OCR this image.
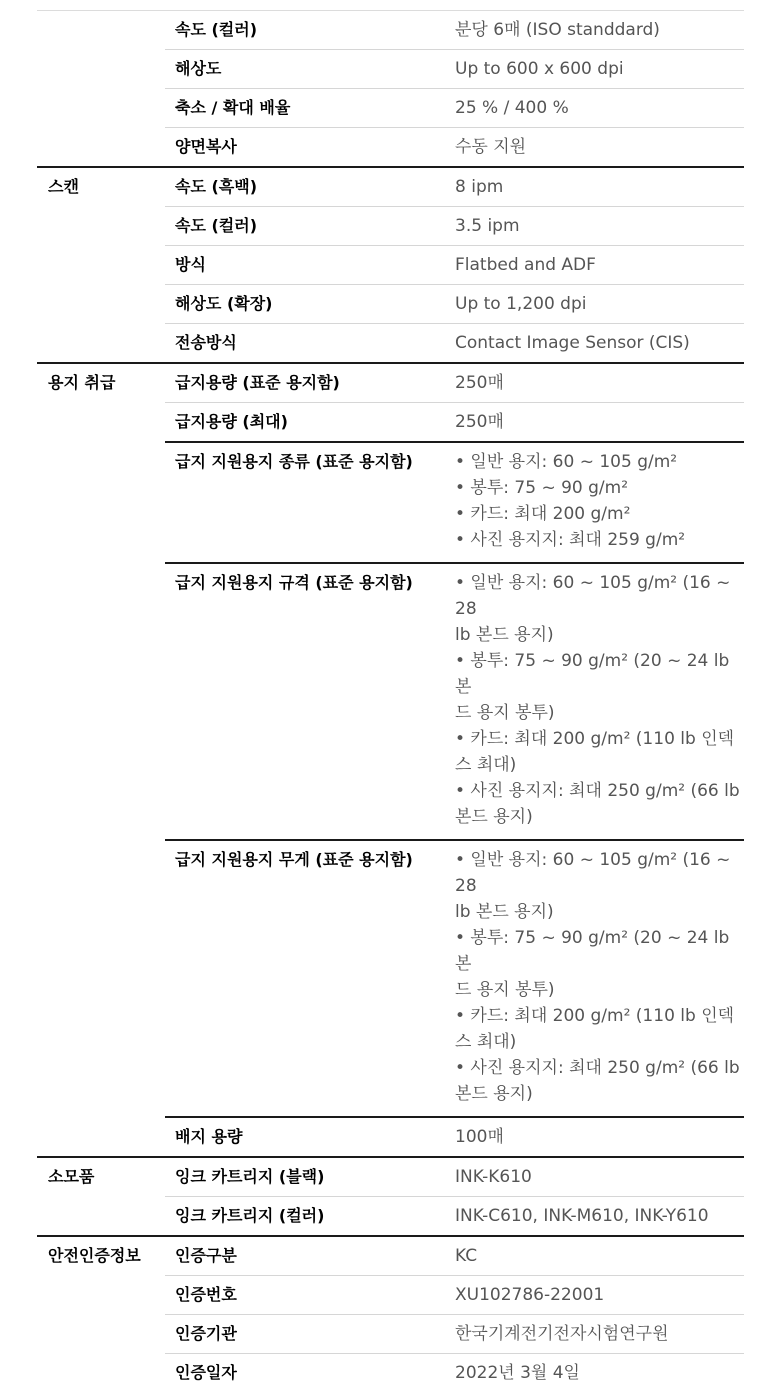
속도 (컬러)	분당 6매 (ISO standdard)
해상도	Up to 600 x 600 dpi
축소 / 확대 배율	25 % / 400 %
양면복사	수동 지원
스캔	속도 (흑백)	8 ipm
속도 (컬러)	3.5 ipm
방식	Flatbed and ADF
해상도 (확장)	Up to 1,200 dpi
전송방식	Contact Image Sensor (CIS)
용지 취급	급지용량 (표준 용지함)	250매
급지용량 (최대)	250매
급지 지원용지 종류 (표준 용지함)	• 일반 용지: 60 ~ 105 g/m²
• 봉투: 75 ~ 90 g/m²
• 카드: 최대 200 g/m²
• 사진 용지지: 최대 259 g/m²
급지 지원용지 규격 (표준 용지함)	• 일반 용지: 60 ~ 105 g/m² (16 ~ 28
lb 본드 용지)
• 봉투: 75 ~ 90 g/m² (20 ~ 24 lb 본
드 용지 봉투)
• 카드: 최대 200 g/m² (110 lb 인덱
스 최대)
• 사진 용지지: 최대 250 g/m² (66 lb
본드 용지)
급지 지원용지 무게 (표준 용지함)	• 일반 용지: 60 ~ 105 g/m² (16 ~ 28
lb 본드 용지)
• 봉투: 75 ~ 90 g/m² (20 ~ 24 lb 본
드 용지 봉투)
• 카드: 최대 200 g/m² (110 lb 인덱
스 최대)
• 사진 용지지: 최대 250 g/m² (66 lb
본드 용지)
배지 용량	100매
소모품	잉크 카트리지 (블랙)	INK-K610
잉크 카트리지 (컬러)	INK-C610, INK-M610, INK-Y610
안전인증정보	인증구분	KC
인증번호	XU102786-22001
인증기관	한국기계전기전자시험연구원
인증일자	2022년 3월 4일
